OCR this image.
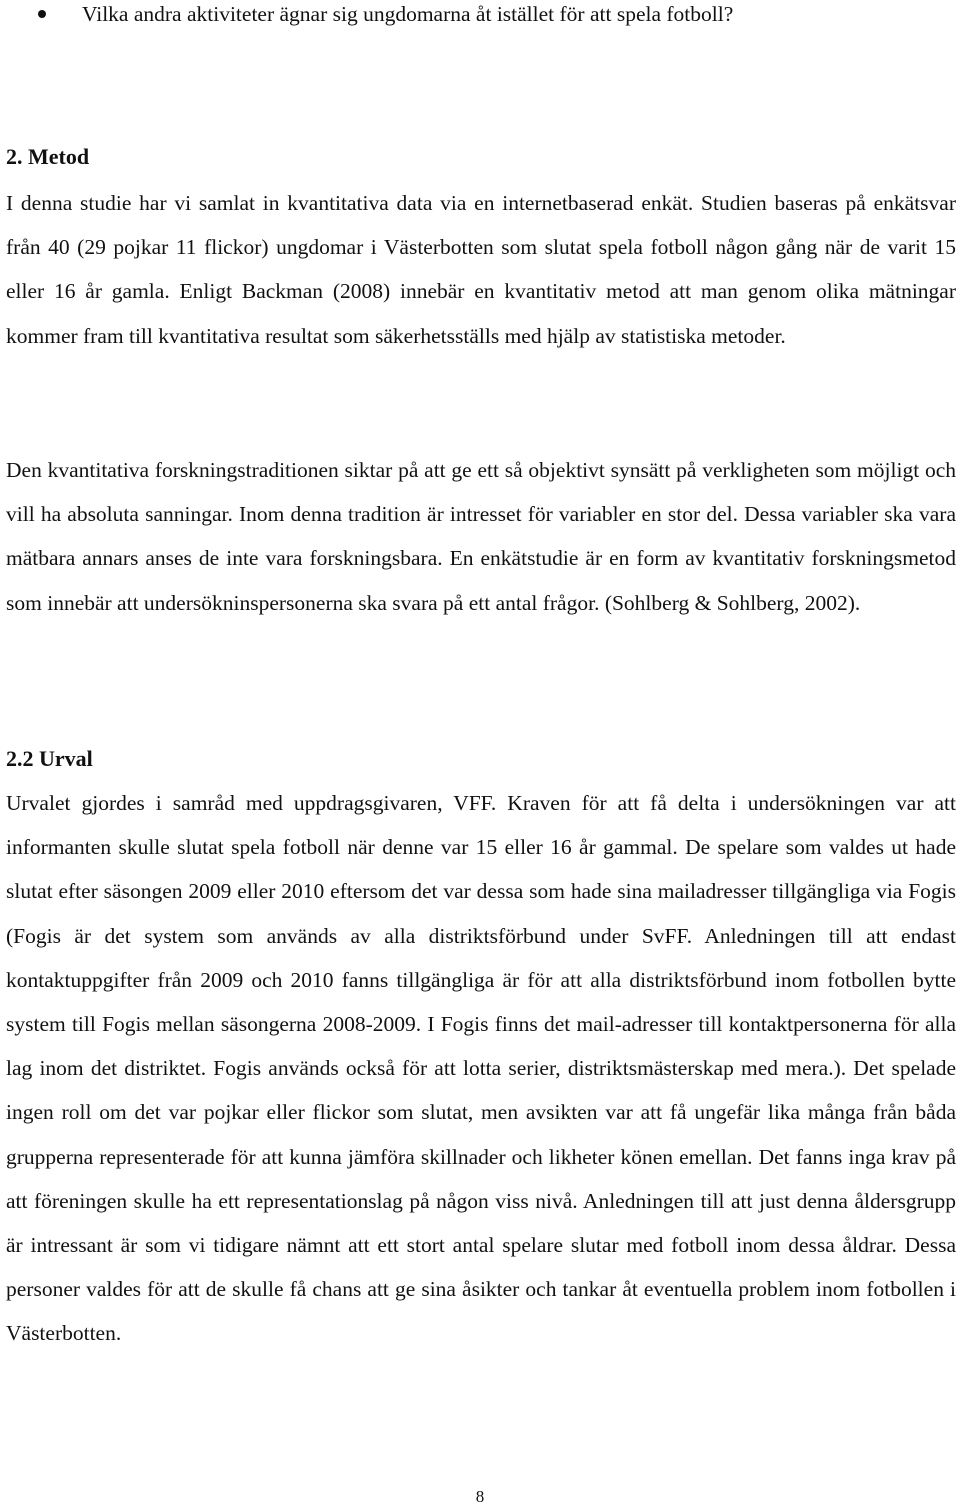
Vilka andra aktiviteter ägnar sig ungdomarna åt istället för att spela fotboll?
2. Metod

I denna studie har vi samlat in kvantitativa data via en internetbaserad enkät. Studien baseras på enkätsvar från 40 (29 pojkar 11 flickor) ungdomar i Västerbotten som slutat spela fotboll någon gång när de varit 15 eller 16 år gamla. Enligt Backman (2008) innebär en kvantitativ metod att man genom olika mätningar kommer fram till kvantitativa resultat som säkerhetsställs med hjälp av statistiska metoder.

Den kvantitativa forskningstraditionen siktar på att ge ett så objektivt synsätt på verkligheten som möjligt och vill ha absoluta sanningar. Inom denna tradition är intresset för variabler en stor del. Dessa variabler ska vara mätbara annars anses de inte vara forskningsbara. En enkätstudie är en form av kvantitativ forskningsmetod som innebär att undersökninspersonerna ska svara på ett antal frågor. (Sohlberg & Sohlberg, 2002).

2.2 Urval

Urvalet gjordes i samråd med uppdragsgivaren, VFF. Kraven för att få delta i undersökningen var att informanten skulle slutat spela fotboll när denne var 15 eller 16 år gammal. De spelare som valdes ut hade slutat efter säsongen 2009 eller 2010 eftersom det var dessa som hade sina mailadresser tillgängliga via Fogis (Fogis är det system som används av alla distriktsförbund under SvFF. Anledningen till att endast kontaktuppgifter från 2009 och 2010 fanns tillgängliga är för att alla distriktsförbund inom fotbollen bytte system till Fogis mellan säsongerna 2008-2009. I Fogis finns det mail-adresser till kontaktpersonerna för alla lag inom det distriktet. Fogis används också för att lotta serier, distriktsmästerskap med mera.). Det spelade ingen roll om det var pojkar eller flickor som slutat, men avsikten var att få ungefär lika många från båda grupperna representerade för att kunna jämföra skillnader och likheter könen emellan. Det fanns inga krav på att föreningen skulle ha ett representationslag på någon viss nivå. Anledningen till att just denna åldersgrupp är intressant är som vi tidigare nämnt att ett stort antal spelare slutar med fotboll inom dessa åldrar. Dessa personer valdes för att de skulle få chans att ge sina åsikter och tankar åt eventuella problem inom fotbollen i Västerbotten.

8
